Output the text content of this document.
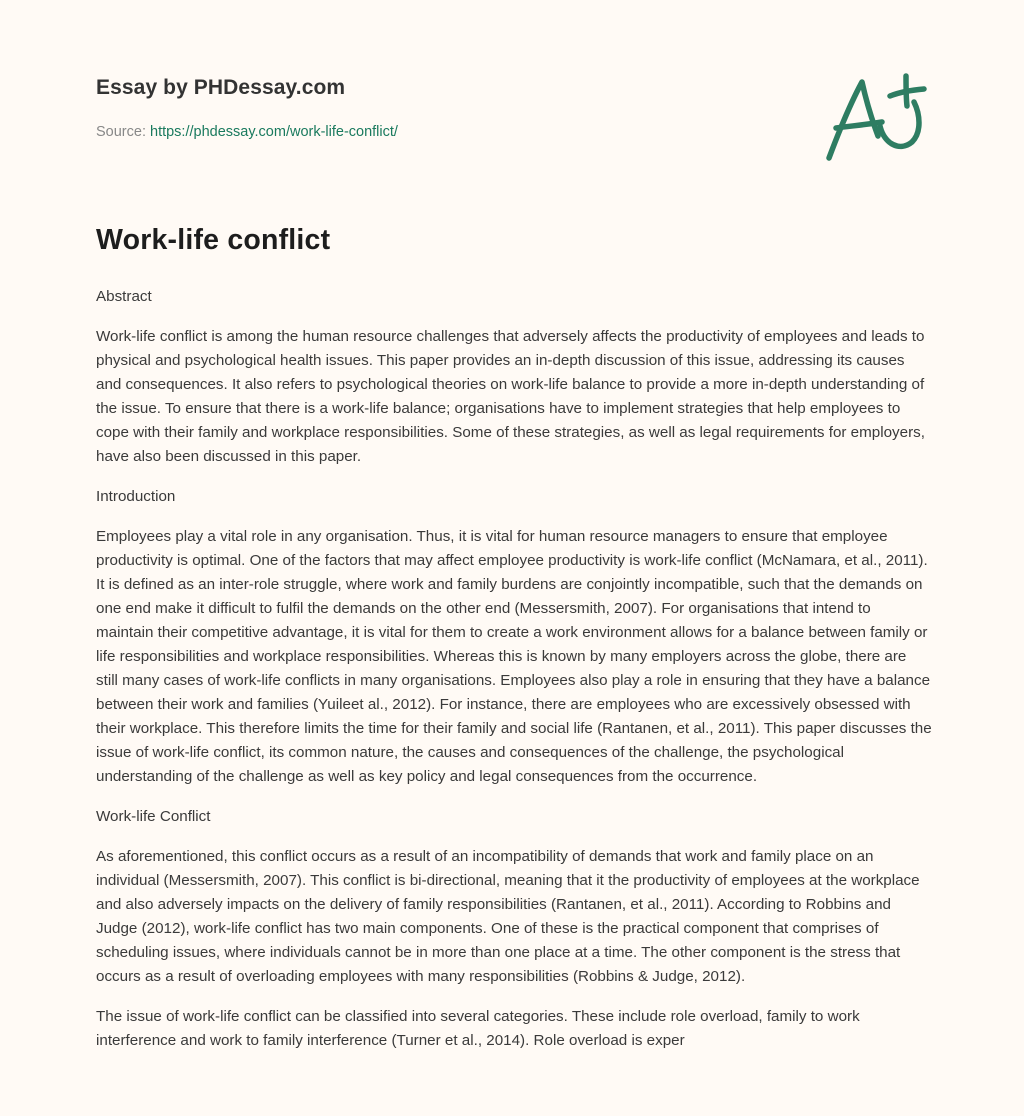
Essay by PHDessay.com
Source: https://phdessay.com/work-life-conflict/
Work-life conflict

Abstract

Work-life conflict is among the human resource challenges that adversely affects the productivity of employees and leads to physical and psychological health issues. This paper provides an in-depth discussion of this issue, addressing its causes and consequences. It also refers to psychological theories on work-life balance to provide a more in-depth understanding of the issue. To ensure that there is a work-life balance; organisations have to implement strategies that help employees to cope with their family and workplace responsibilities. Some of these strategies, as well as legal requirements for employers, have also been discussed in this paper.

Introduction

Employees play a vital role in any organisation. Thus, it is vital for human resource managers to ensure that employee productivity is optimal. One of the factors that may affect employee productivity is work-life conflict (McNamara, et al., 2011). It is defined as an inter-role struggle, where work and family burdens are conjointly incompatible, such that the demands on one end make it difficult to fulfil the demands on the other end (Messersmith, 2007). For organisations that intend to maintain their competitive advantage, it is vital for them to create a work environment allows for a balance between family or life responsibilities and workplace responsibilities. Whereas this is known by many employers across the globe, there are still many cases of work-life conflicts in many organisations. Employees also play a role in ensuring that they have a balance between their work and families (Yuileet al., 2012). For instance, there are employees who are excessively obsessed with their workplace. This therefore limits the time for their family and social life (Rantanen, et al., 2011). This paper discusses the issue of work-life conflict, its common nature, the causes and consequences of the challenge, the psychological understanding of the challenge as well as key policy and legal consequences from the occurrence.

Work-life Conflict

As aforementioned, this conflict occurs as a result of an incompatibility of demands that work and family place on an individual (Messersmith, 2007). This conflict is bi-directional, meaning that it the productivity of employees at the workplace and also adversely impacts on the delivery of family responsibilities (Rantanen, et al., 2011). According to Robbins and Judge (2012), work-life conflict has two main components. One of these is the practical component that comprises of scheduling issues, where individuals cannot be in more than one place at a time. The other component is the stress that occurs as a result of overloading employees with many responsibilities (Robbins & Judge, 2012).

The issue of work-life conflict can be classified into several categories. These include role overload, family to work interference and work to family interference (Turner et al., 2014). Role overload is exper
